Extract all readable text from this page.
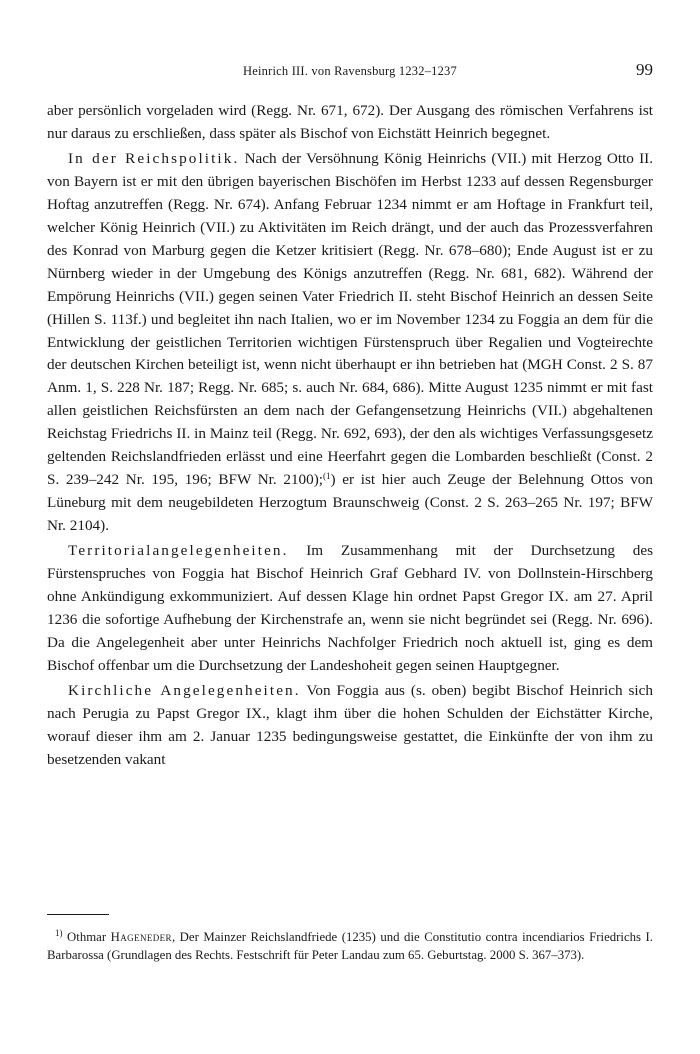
Heinrich III. von Ravensburg 1232–1237	99

aber persönlich vorgeladen wird (Regg. Nr. 671, 672). Der Ausgang des römischen Verfahrens ist nur daraus zu erschließen, dass später als Bischof von Eichstätt Heinrich begegnet.

In der Reichspolitik. Nach der Versöhnung König Heinrichs (VII.) mit Herzog Otto II. von Bayern ist er mit den übrigen bayerischen Bischöfen im Herbst 1233 auf dessen Regensburger Hoftag anzutreffen (Regg. Nr. 674). Anfang Februar 1234 nimmt er am Hoftage in Frankfurt teil, welcher König Heinrich (VII.) zu Aktivitäten im Reich drängt, und der auch das Prozessverfahren des Konrad von Marburg gegen die Ketzer kritisiert (Regg. Nr. 678–680); Ende August ist er zu Nürnberg wieder in der Umgebung des Königs anzutreffen (Regg. Nr. 681, 682). Während der Empörung Heinrichs (VII.) gegen seinen Vater Friedrich II. steht Bischof Heinrich an dessen Seite (Hillen S. 113f.) und begleitet ihn nach Italien, wo er im November 1234 zu Foggia an dem für die Entwicklung der geistlichen Territorien wichtigen Fürstenspruch über Regalien und Vogteirechte der deutschen Kirchen beteiligt ist, wenn nicht überhaupt er ihn betrieben hat (MGH Const. 2 S. 87 Anm. 1, S. 228 Nr. 187; Regg. Nr. 685; s. auch Nr. 684, 686). Mitte August 1235 nimmt er mit fast allen geistlichen Reichsfürsten an dem nach der Gefangensetzung Heinrichs (VII.) abgehaltenen Reichstag Friedrichs II. in Mainz teil (Regg. Nr. 692, 693), der den als wichtiges Verfassungsgesetz geltenden Reichslandfrieden erlässt und eine Heerfahrt gegen die Lombarden beschließt (Const. 2 S. 239–242 Nr. 195, 196; BFW Nr. 2100);$^{(1}$) er ist hier auch Zeuge der Belehnung Ottos von Lüneburg mit dem neugebildeten Herzogtum Braunschweig (Const. 2 S. 263–265 Nr. 197; BFW Nr. 2104).

Territorialangelegenheiten. Im Zusammenhang mit der Durchsetzung des Fürstenspruches von Foggia hat Bischof Heinrich Graf Gebhard IV. von Dollnstein-Hirschberg ohne Ankündigung exkommuniziert. Auf dessen Klage hin ordnet Papst Gregor IX. am 27. April 1236 die sofortige Aufhebung der Kirchenstrafe an, wenn sie nicht begründet sei (Regg. Nr. 696). Da die Angelegenheit aber unter Heinrichs Nachfolger Friedrich noch aktuell ist, ging es dem Bischof offenbar um die Durchsetzung der Landeshoheit gegen seinen Hauptgegner.

Kirchliche Angelegenheiten. Von Foggia aus (s. oben) begibt Bischof Heinrich sich nach Perugia zu Papst Gregor IX., klagt ihm über die hohen Schulden der Eichstätter Kirche, worauf dieser ihm am 2. Januar 1235 bedingungsweise gestattet, die Einkünfte der von ihm zu besetzenden vakant

$^{1)}$ Othmar Hageneder, Der Mainzer Reichslandfriede (1235) und die Constitutio contra incendiarios Friedrichs I. Barbarossa (Grundlagen des Rechts. Festschrift für Peter Landau zum 65. Geburtstag. 2000 S. 367–373).
